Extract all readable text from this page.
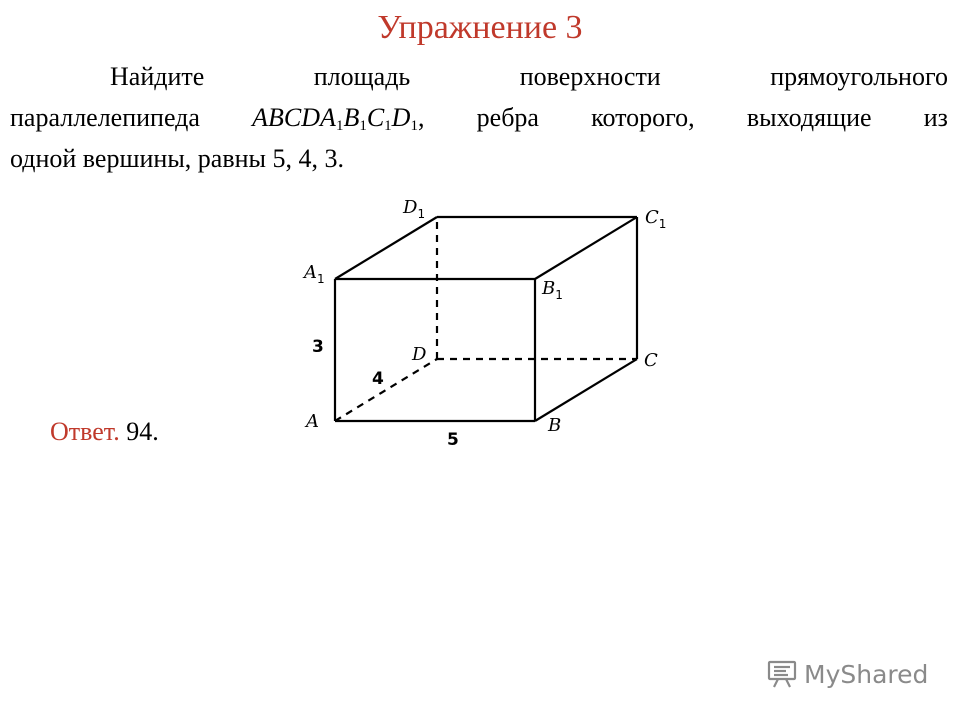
Упражнение 3
Найдите	площадь	поверхности	прямоугольного
параллелепипеда $ABCDA_1B_1C_1D_1$, ребра которого, выходящие из
одной вершины, равны 5, 4, 3.
A	B
C
D
$A_1$	$B_1$
$C_1$
$D_1$
5
4
3
Ответ. 94.
MyShared
